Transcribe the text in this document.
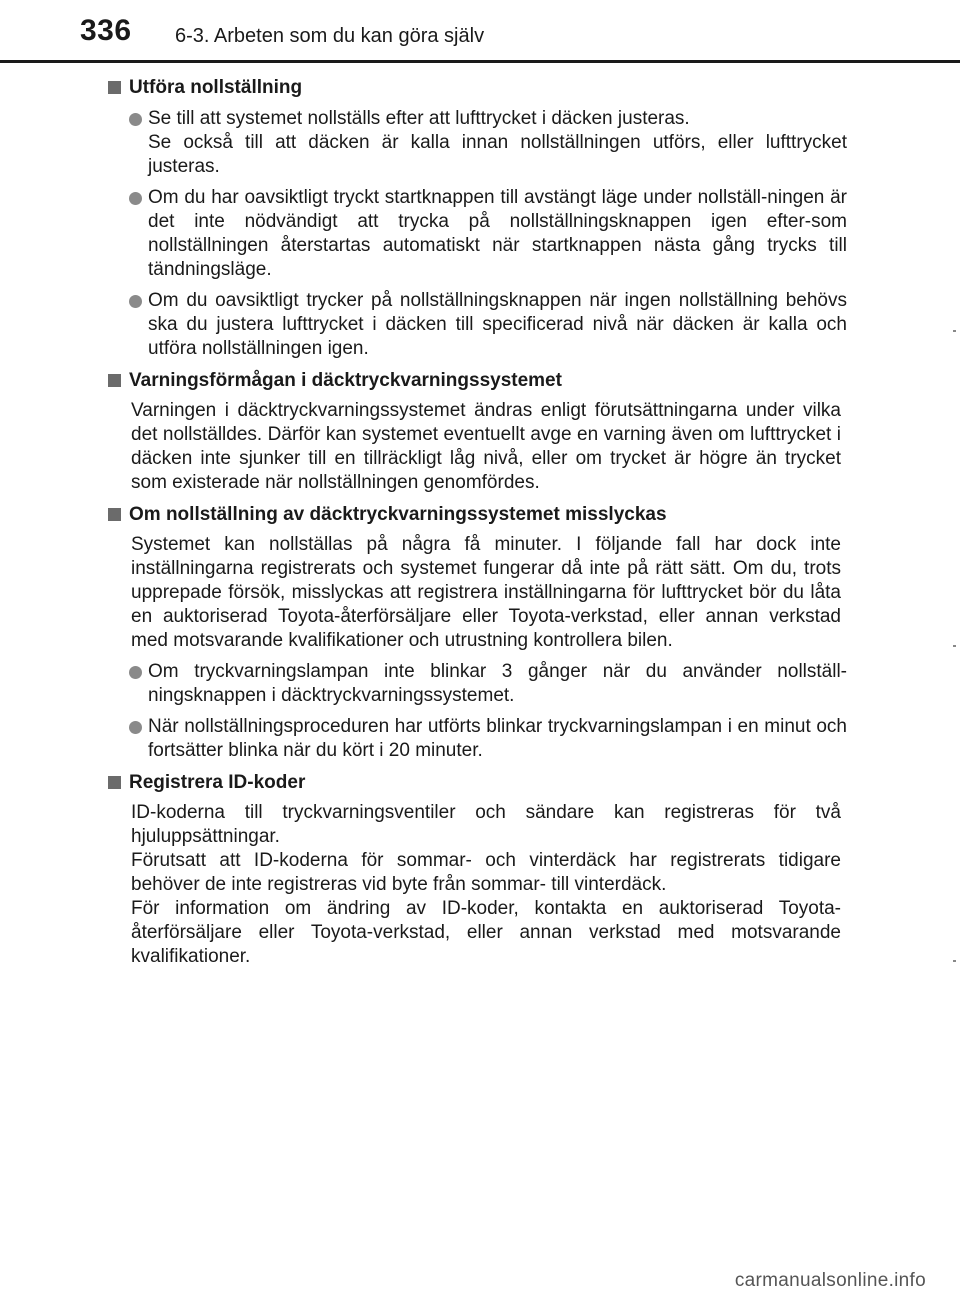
336 6-3. Arbeten som du kan göra själv
Utföra nollställning

Se till att systemet nollställs efter att lufttrycket i däcken justeras.

Se också till att däcken är kalla innan nollställningen utförs, eller lufttrycket justeras.

Om du har oavsiktligt tryckt startknappen till avstängt läge under nollställ-ningen är det inte nödvändigt att trycka på nollställningsknappen igen efter-som nollställningen återstartas automatiskt när startknappen nästa gång trycks till tändningsläge.

Om du oavsiktligt trycker på nollställningsknappen när ingen nollställning behövs ska du justera lufttrycket i däcken till specificerad nivå när däcken är kalla och utföra nollställningen igen.

Varningsförmågan i däcktryckvarningssystemet

Varningen i däcktryckvarningssystemet ändras enligt förutsättningarna under vilka det nollställdes. Därför kan systemet eventuellt avge en varning även om lufttrycket i däcken inte sjunker till en tillräckligt låg nivå, eller om trycket är högre än trycket som existerade när nollställningen genomfördes.

Om nollställning av däcktryckvarningssystemet misslyckas

Systemet kan nollställas på några få minuter. I följande fall har dock inte inställningarna registrerats och systemet fungerar då inte på rätt sätt. Om du, trots upprepade försök, misslyckas att registrera inställningarna för lufttrycket bör du låta en auktoriserad Toyota-återförsäljare eller Toyota-verkstad, eller annan verkstad med motsvarande kvalifikationer och utrustning kontrollera bilen.

Om tryckvarningslampan inte blinkar 3 gånger när du använder nollställ-ningsknappen i däcktryckvarningssystemet.

När nollställningsproceduren har utförts blinkar tryckvarningslampan i en minut och fortsätter blinka när du kört i 20 minuter.

Registrera ID-koder

ID-koderna till tryckvarningsventiler och sändare kan registreras för två hjuluppsättningar.

Förutsatt att ID-koderna för sommar- och vinterdäck har registrerats tidigare behöver de inte registreras vid byte från sommar- till vinterdäck.

För information om ändring av ID-koder, kontakta en auktoriserad Toyota-återförsäljare eller Toyota-verkstad, eller annan verkstad med motsvarande kvalifikationer.

carmanualsonline.info
